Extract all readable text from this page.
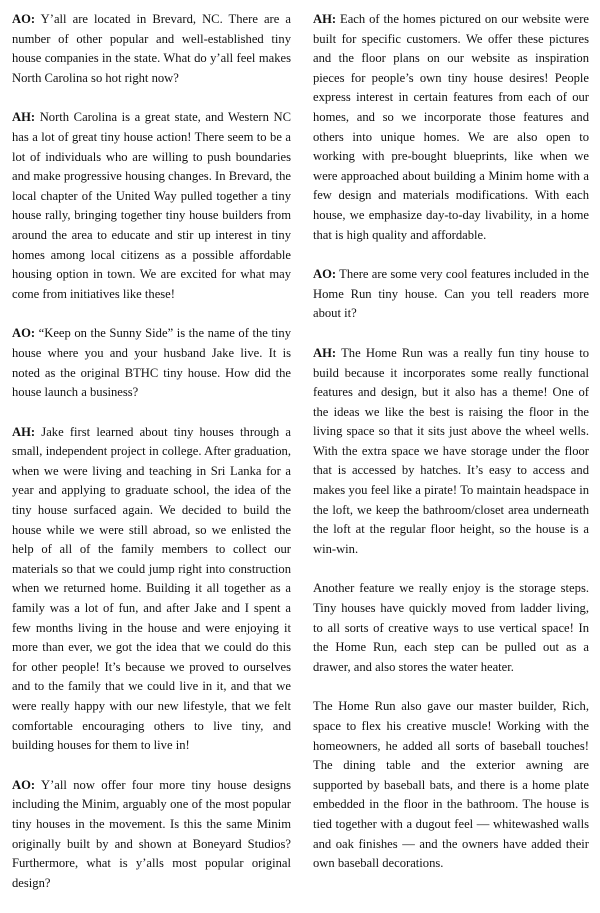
AO: Y’all are located in Brevard, NC. There are a number of other popular and well-established tiny house companies in the state. What do y’all feel makes North Carolina so hot right now?

AH: North Carolina is a great state, and Western NC has a lot of great tiny house action! There seem to be a lot of individuals who are willing to push boundaries and make progressive housing changes. In Brevard, the local chapter of the United Way pulled together a tiny house rally, bringing together tiny house builders from around the area to educate and stir up interest in tiny homes among local citizens as a possible affordable housing option in town. We are excited for what may come from initiatives like these!

AO: “Keep on the Sunny Side” is the name of the tiny house where you and your husband Jake live. It is noted as the original BTHC tiny house. How did the house launch a business?

AH: Jake first learned about tiny houses through a small, independent project in college. After graduation, when we were living and teaching in Sri Lanka for a year and applying to graduate school, the idea of the tiny house surfaced again. We decided to build the house while we were still abroad, so we enlisted the help of all of the family members to collect our materials so that we could jump right into construction when we returned home. Building it all together as a family was a lot of fun, and after Jake and I spent a few months living in the house and were enjoying it more than ever, we got the idea that we could do this for other people! It’s because we proved to ourselves and to the family that we could live in it, and that we were really happy with our new lifestyle, that we felt comfortable encouraging others to live tiny, and building houses for them to live in!

AO: Y’all now offer four more tiny house designs including the Minim, arguably one of the most popular tiny houses in the movement. Is this the same Minim originally built by and shown at Boneyard Studios? Furthermore, what is y’alls most popular original design?

AH: Each of the homes pictured on our website were built for specific customers. We offer these pictures and the floor plans on our website as inspiration pieces for people’s own tiny house desires! People express interest in certain features from each of our homes, and so we incorporate those features and others into unique homes. We are also open to working with pre-bought blueprints, like when we were approached about building a Minim home with a few design and materials modifications. With each house, we emphasize day-to-day livability, in a home that is high quality and affordable.

AO: There are some very cool features included in the Home Run tiny house. Can you tell readers more about it?

AH: The Home Run was a really fun tiny house to build because it incorporates some really functional features and design, but it also has a theme! One of the ideas we like the best is raising the floor in the living space so that it sits just above the wheel wells. With the extra space we have storage under the floor that is accessed by hatches. It’s easy to access and makes you feel like a pirate! To maintain headspace in the loft, we keep the bathroom/closet area underneath the loft at the regular floor height, so the house is a win-win.

Another feature we really enjoy is the storage steps. Tiny houses have quickly moved from ladder living, to all sorts of creative ways to use vertical space! In the Home Run, each step can be pulled out as a drawer, and also stores the water heater.

The Home Run also gave our master builder, Rich, space to flex his creative muscle! Working with the homeowners, he added all sorts of baseball touches! The dining table and the exterior awning are supported by baseball bats, and there is a home plate embedded in the floor in the bathroom. The house is tied together with a dugout feel — whitewashed walls and oak finishes — and the owners have added their own baseball decorations.
